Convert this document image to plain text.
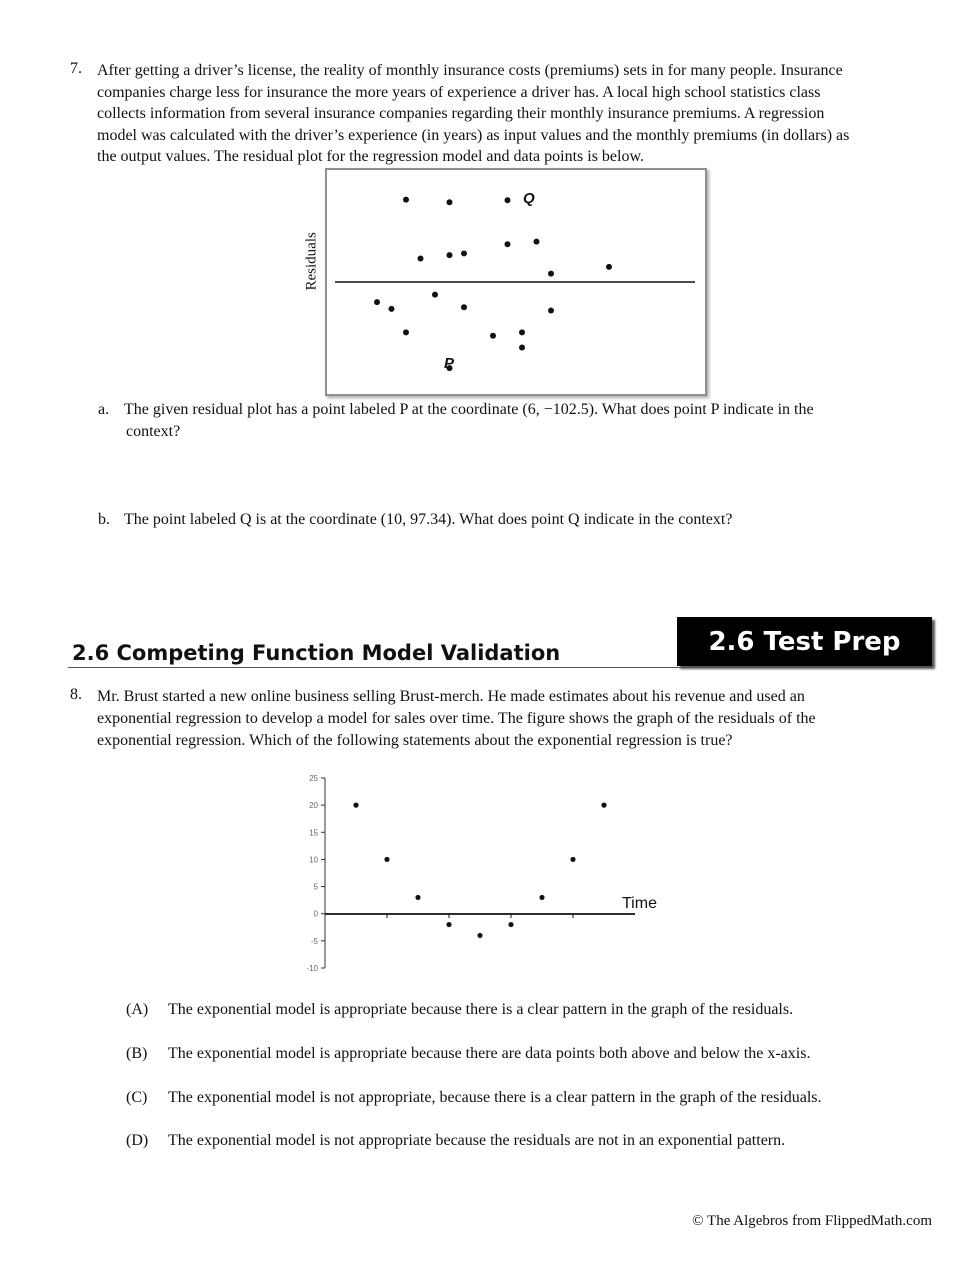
7. After getting a driver’s license, the reality of monthly insurance costs (premiums) sets in for many people. Insurance
companies charge less for insurance the more years of experience a driver has. A local high school statistics class
collects information from several insurance companies regarding their monthly insurance premiums. A regression
model was calculated with the driver’s experience (in years) as input values and the monthly premiums (in dollars) as
the output values. The residual plot for the regression model and data points is below.
Residuals
Q
P
a. The given residual plot has a point labeled P at the coordinate (6, −102.5). What does point P indicate in the
context?
b. The point labeled Q is at the coordinate (10, 97.34). What does point Q indicate in the context?
2.6 Test Prep
2.6 Competing Function Model Validation
8. Mr. Brust started a new online business selling Brust-merch. He made estimates about his revenue and used an
exponential regression to develop a model for sales over time. The figure shows the graph of the residuals of the
exponential regression. Which of the following statements about the exponential regression is true?
25
20
15
10
5
0
-5
-10
Time
(A) The exponential model is appropriate because there is a clear pattern in the graph of the residuals.
(B) The exponential model is appropriate because there are data points both above and below the x-axis.
(C) The exponential model is not appropriate, because there is a clear pattern in the graph of the residuals.
(D) The exponential model is not appropriate because the residuals are not in an exponential pattern.
© The Algebros from FlippedMath.com
